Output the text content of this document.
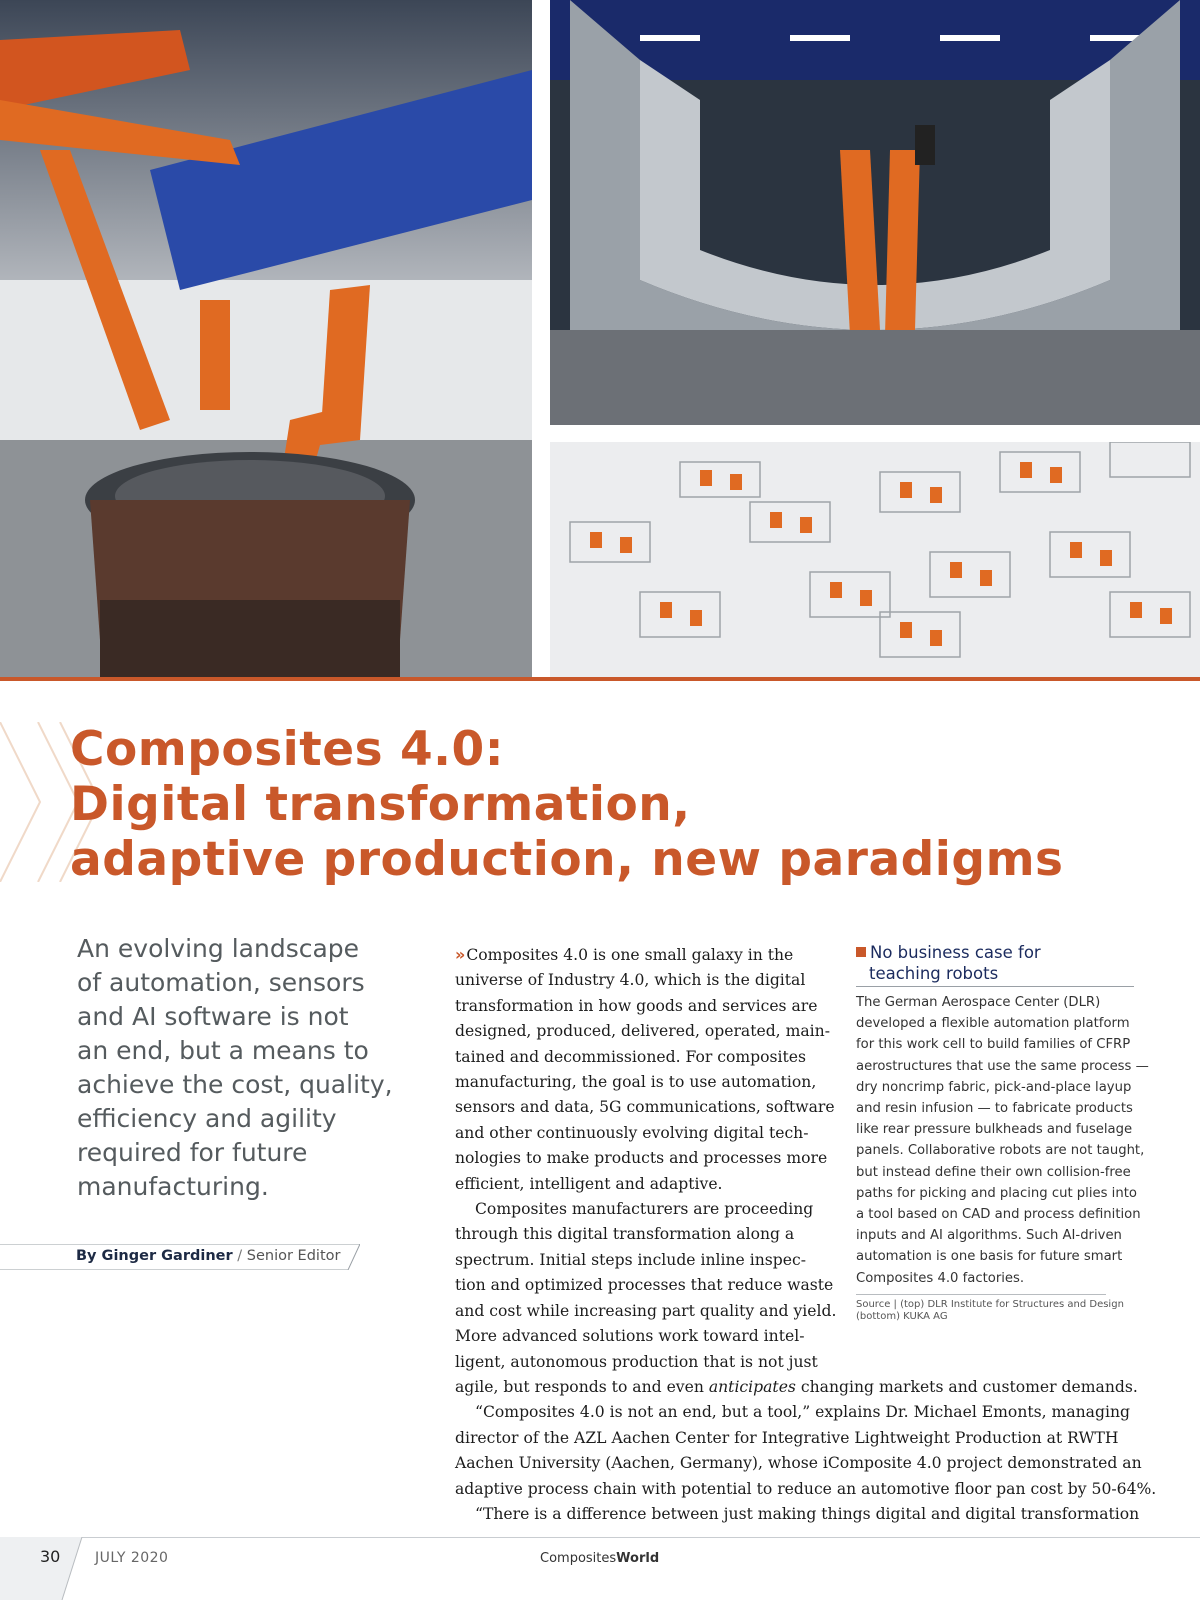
Composites 4.0:
Digital transformation,
adaptive production, new paradigms

An evolving landscape
of automation, sensors
and AI software is not
an end, but a means to
achieve the cost, quality,
efficiency and agility
required for future
manufacturing.

By Ginger Gardiner / Senior Editor
» Composites 4.0 is one small galaxy in the
universe of Industry 4.0, which is the digital
transformation in how goods and services are
designed, produced, delivered, operated, main-
tained and decommissioned. For composites
manufacturing, the goal is to use automation,
sensors and data, 5G communications, software
and other continuously evolving digital tech-
nologies to make products and processes more
efficient, intelligent and adaptive.
Composites manufacturers are proceeding
through this digital transformation along a
spectrum. Initial steps include inline inspec-
tion and optimized processes that reduce waste
and cost while increasing part quality and yield.
More advanced solutions work toward intel-
ligent, autonomous production that is not just
agile, but responds to and even anticipates changing markets and customer demands.
“Composites 4.0 is not an end, but a tool,” explains Dr. Michael Emonts, managing
director of the AZL Aachen Center for Integrative Lightweight Production at RWTH
Aachen University (Aachen, Germany), whose iComposite 4.0 project demonstrated an
adaptive process chain with potential to reduce an automotive floor pan cost by 50-64%.
“There is a difference between just making things digital and digital transformation
No business case for
teaching robots
The German Aerospace Center (DLR)
developed a flexible automation platform
for this work cell to build families of CFRP
aerostructures that use the same process —
dry noncrimp fabric, pick-and-place layup
and resin infusion — to fabricate products
like rear pressure bulkheads and fuselage
panels. Collaborative robots are not taught,
but instead define their own collision-free
paths for picking and placing cut plies into
a tool based on CAD and process definition
inputs and AI algorithms. Such AI-driven
automation is one basis for future smart
Composites 4.0 factories.
Source | (top) DLR Institute for Structures and Design
(bottom) KUKA AG
30 JULY 2020	CompositesWorld
